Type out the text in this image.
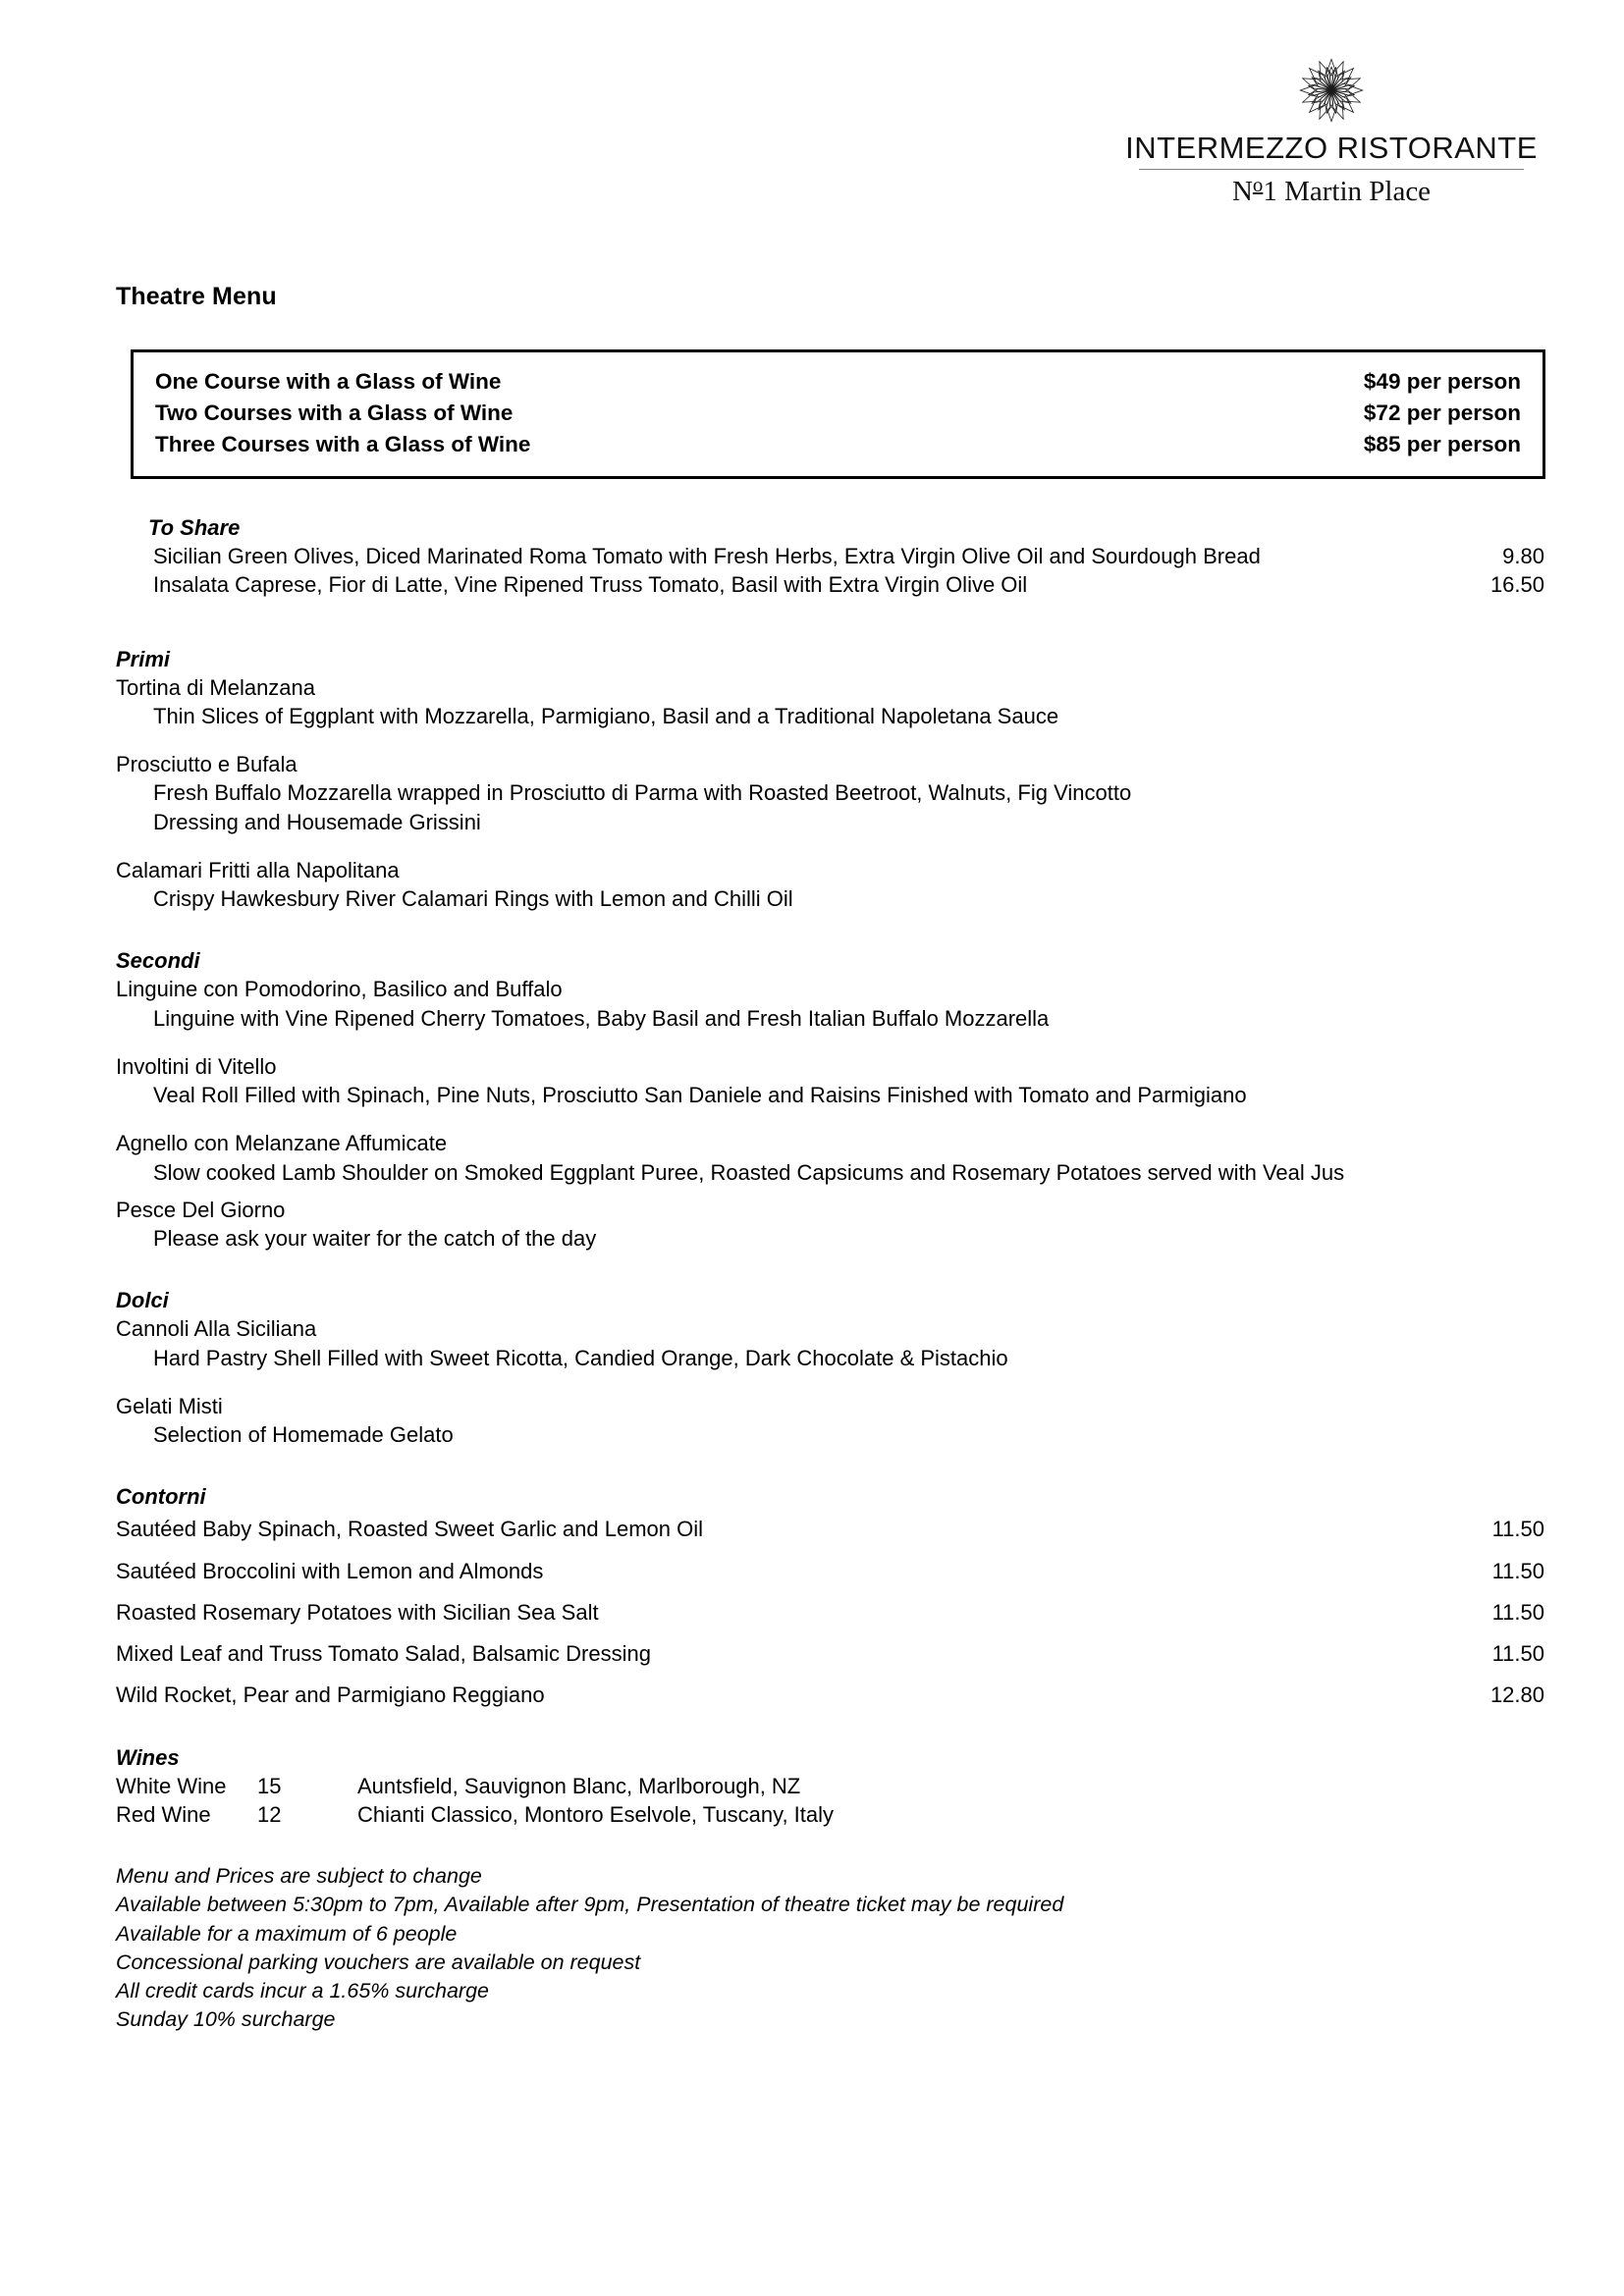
INTERMEZZO RISTORANTE
$N^o1$ Martin Place
Theatre Menu
One Course with a Glass of Wine	$49 per person
Two Courses with a Glass of Wine	$72 per person
Three Courses with a Glass of Wine	$85 per person
To Share
Sicilian Green Olives, Diced Marinated Roma Tomato with Fresh Herbs, Extra Virgin Olive Oil and Sourdough Bread	9.80
Insalata Caprese, Fior di Latte, Vine Ripened Truss Tomato, Basil with Extra Virgin Olive Oil	16.50
Primi
Tortina di Melanzana
Thin Slices of Eggplant with Mozzarella, Parmigiano, Basil and a Traditional Napoletana Sauce
Prosciutto e Bufala
Fresh Buffalo Mozzarella wrapped in Prosciutto di Parma with Roasted Beetroot, Walnuts, Fig Vincotto
Dressing and Housemade Grissini
Calamari Fritti alla Napolitana
Crispy Hawkesbury River Calamari Rings with Lemon and Chilli Oil
Secondi
Linguine con Pomodorino, Basilico and Buffalo
Linguine with Vine Ripened Cherry Tomatoes, Baby Basil and Fresh Italian Buffalo Mozzarella
Involtini di Vitello
Veal Roll Filled with Spinach, Pine Nuts, Prosciutto San Daniele and Raisins Finished with Tomato and Parmigiano
Agnello con Melanzane Affumicate
Slow cooked Lamb Shoulder on Smoked Eggplant Puree, Roasted Capsicums and Rosemary Potatoes served with Veal Jus
Pesce Del Giorno
Please ask your waiter for the catch of the day
Dolci
Cannoli Alla Siciliana
Hard Pastry Shell Filled with Sweet Ricotta, Candied Orange, Dark Chocolate & Pistachio
Gelati Misti
Selection of Homemade Gelato
Contorni
Sautéed Baby Spinach, Roasted Sweet Garlic and Lemon Oil	11.50
Sautéed Broccolini with Lemon and Almonds	11.50
Roasted Rosemary Potatoes with Sicilian Sea Salt	11.50
Mixed Leaf and Truss Tomato Salad, Balsamic Dressing	11.50
Wild Rocket, Pear and Parmigiano Reggiano	12.80
Wines
White Wine	15	Auntsfield, Sauvignon Blanc, Marlborough, NZ
Red Wine	12	Chianti Classico, Montoro Eselvole, Tuscany, Italy
Menu and Prices are subject to change
Available between 5:30pm to 7pm, Available after 9pm, Presentation of theatre ticket may be required
Available for a maximum of 6 people
Concessional parking vouchers are available on request
All credit cards incur a 1.65% surcharge
Sunday 10% surcharge
